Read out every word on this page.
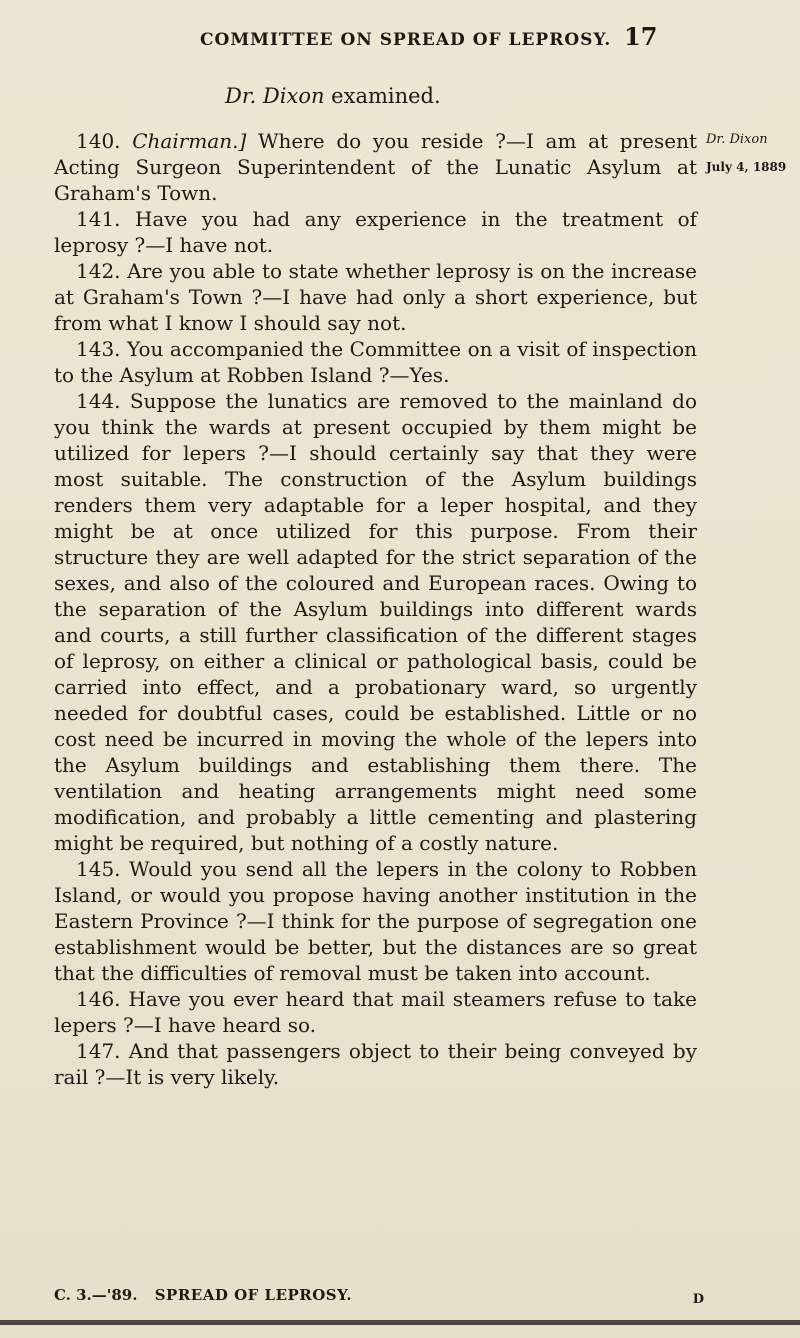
COMMITTEE ON SPREAD OF LEPROSY. 17
Dr. Dixon examined.
Dr. Dixon
July 4, 1889

140. Chairman.] Where do you reside ?—I am at present Acting Surgeon Superintendent of the Lunatic Asylum at Graham's Town.

141. Have you had any experience in the treatment of leprosy ?—I have not.

142. Are you able to state whether leprosy is on the increase at Graham's Town ?—I have had only a short experience, but from what I know I should say not.

143. You accompanied the Committee on a visit of inspection to the Asylum at Robben Island ?—Yes.

144. Suppose the lunatics are removed to the mainland do you think the wards at present occupied by them might be utilized for lepers ?—I should certainly say that they were most suitable. The construction of the Asylum buildings renders them very adaptable for a leper hospital, and they might be at once utilized for this purpose. From their structure they are well adapted for the strict separation of the sexes, and also of the coloured and European races. Owing to the separation of the Asylum buildings into different wards and courts, a still further classification of the different stages of leprosy, on either a clinical or pathological basis, could be carried into effect, and a probationary ward, so urgently needed for doubtful cases, could be established. Little or no cost need be incurred in moving the whole of the lepers into the Asylum buildings and establishing them there. The ventilation and heating arrangements might need some modification, and probably a little cementing and plastering might be required, but nothing of a costly nature.

145. Would you send all the lepers in the colony to Robben Island, or would you propose having another institution in the Eastern Province ?—I think for the purpose of segregation one establishment would be better, but the distances are so great that the difficulties of removal must be taken into account.

146. Have you ever heard that mail steamers refuse to take lepers ?—I have heard so.

147. And that passengers object to their being conveyed by rail ?—It is very likely.

C. 3.—'89. SPREAD OF LEPROSY.	D
